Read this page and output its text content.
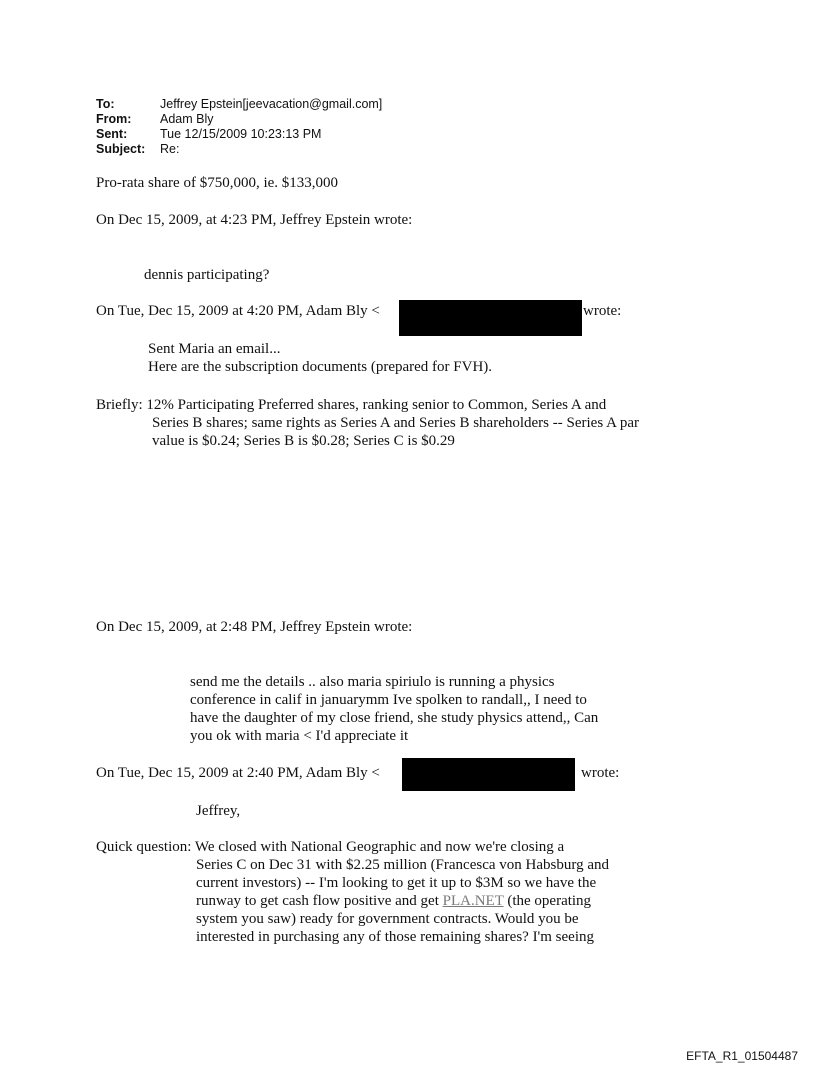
To:	Jeffrey Epstein[jeevacation@gmail.com]
From: Adam Bly
Sent:	Tue 12/15/2009 10:23:13 PM
Subject: Re:
Pro-rata share of $750,000, ie. $133,000
On Dec 15, 2009, at 4:23 PM, Jeffrey Epstein wrote:
dennis participating?
On Tue, Dec 15, 2009 at 4:20 PM, Adam Bly <	wrote:
Sent Maria an email...
Here are the subscription documents (prepared for FVH).
Briefly: 12% Participating Preferred shares, ranking senior to Common, Series A and
Series B shares; same rights as Series A and Series B shareholders -- Series A par
value is $0.24; Series B is $0.28; Series C is $0.29
On Dec 15, 2009, at 2:48 PM, Jeffrey Epstein wrote:
send me the details .. also maria spiriulo is running a physics
conference in calif in januarymm Ive spolken to randall,, I need to
have the daughter of my close friend, she study physics attend,, Can
you ok with maria < I'd appreciate it
On Tue, Dec 15, 2009 at 2:40 PM, Adam Bly <	wrote:
Jeffrey,
Quick question: We closed with National Geographic and now we're closing a
Series C on Dec 31 with $2.25 million (Francesca von Habsburg and
current investors) -- I'm looking to get it up to $3M so we have the
runway to get cash flow positive and get PLA.NET (the operating
system you saw) ready for government contracts. Would you be
interested in purchasing any of those remaining shares? I'm seeing
EFTA_R1_01504487
